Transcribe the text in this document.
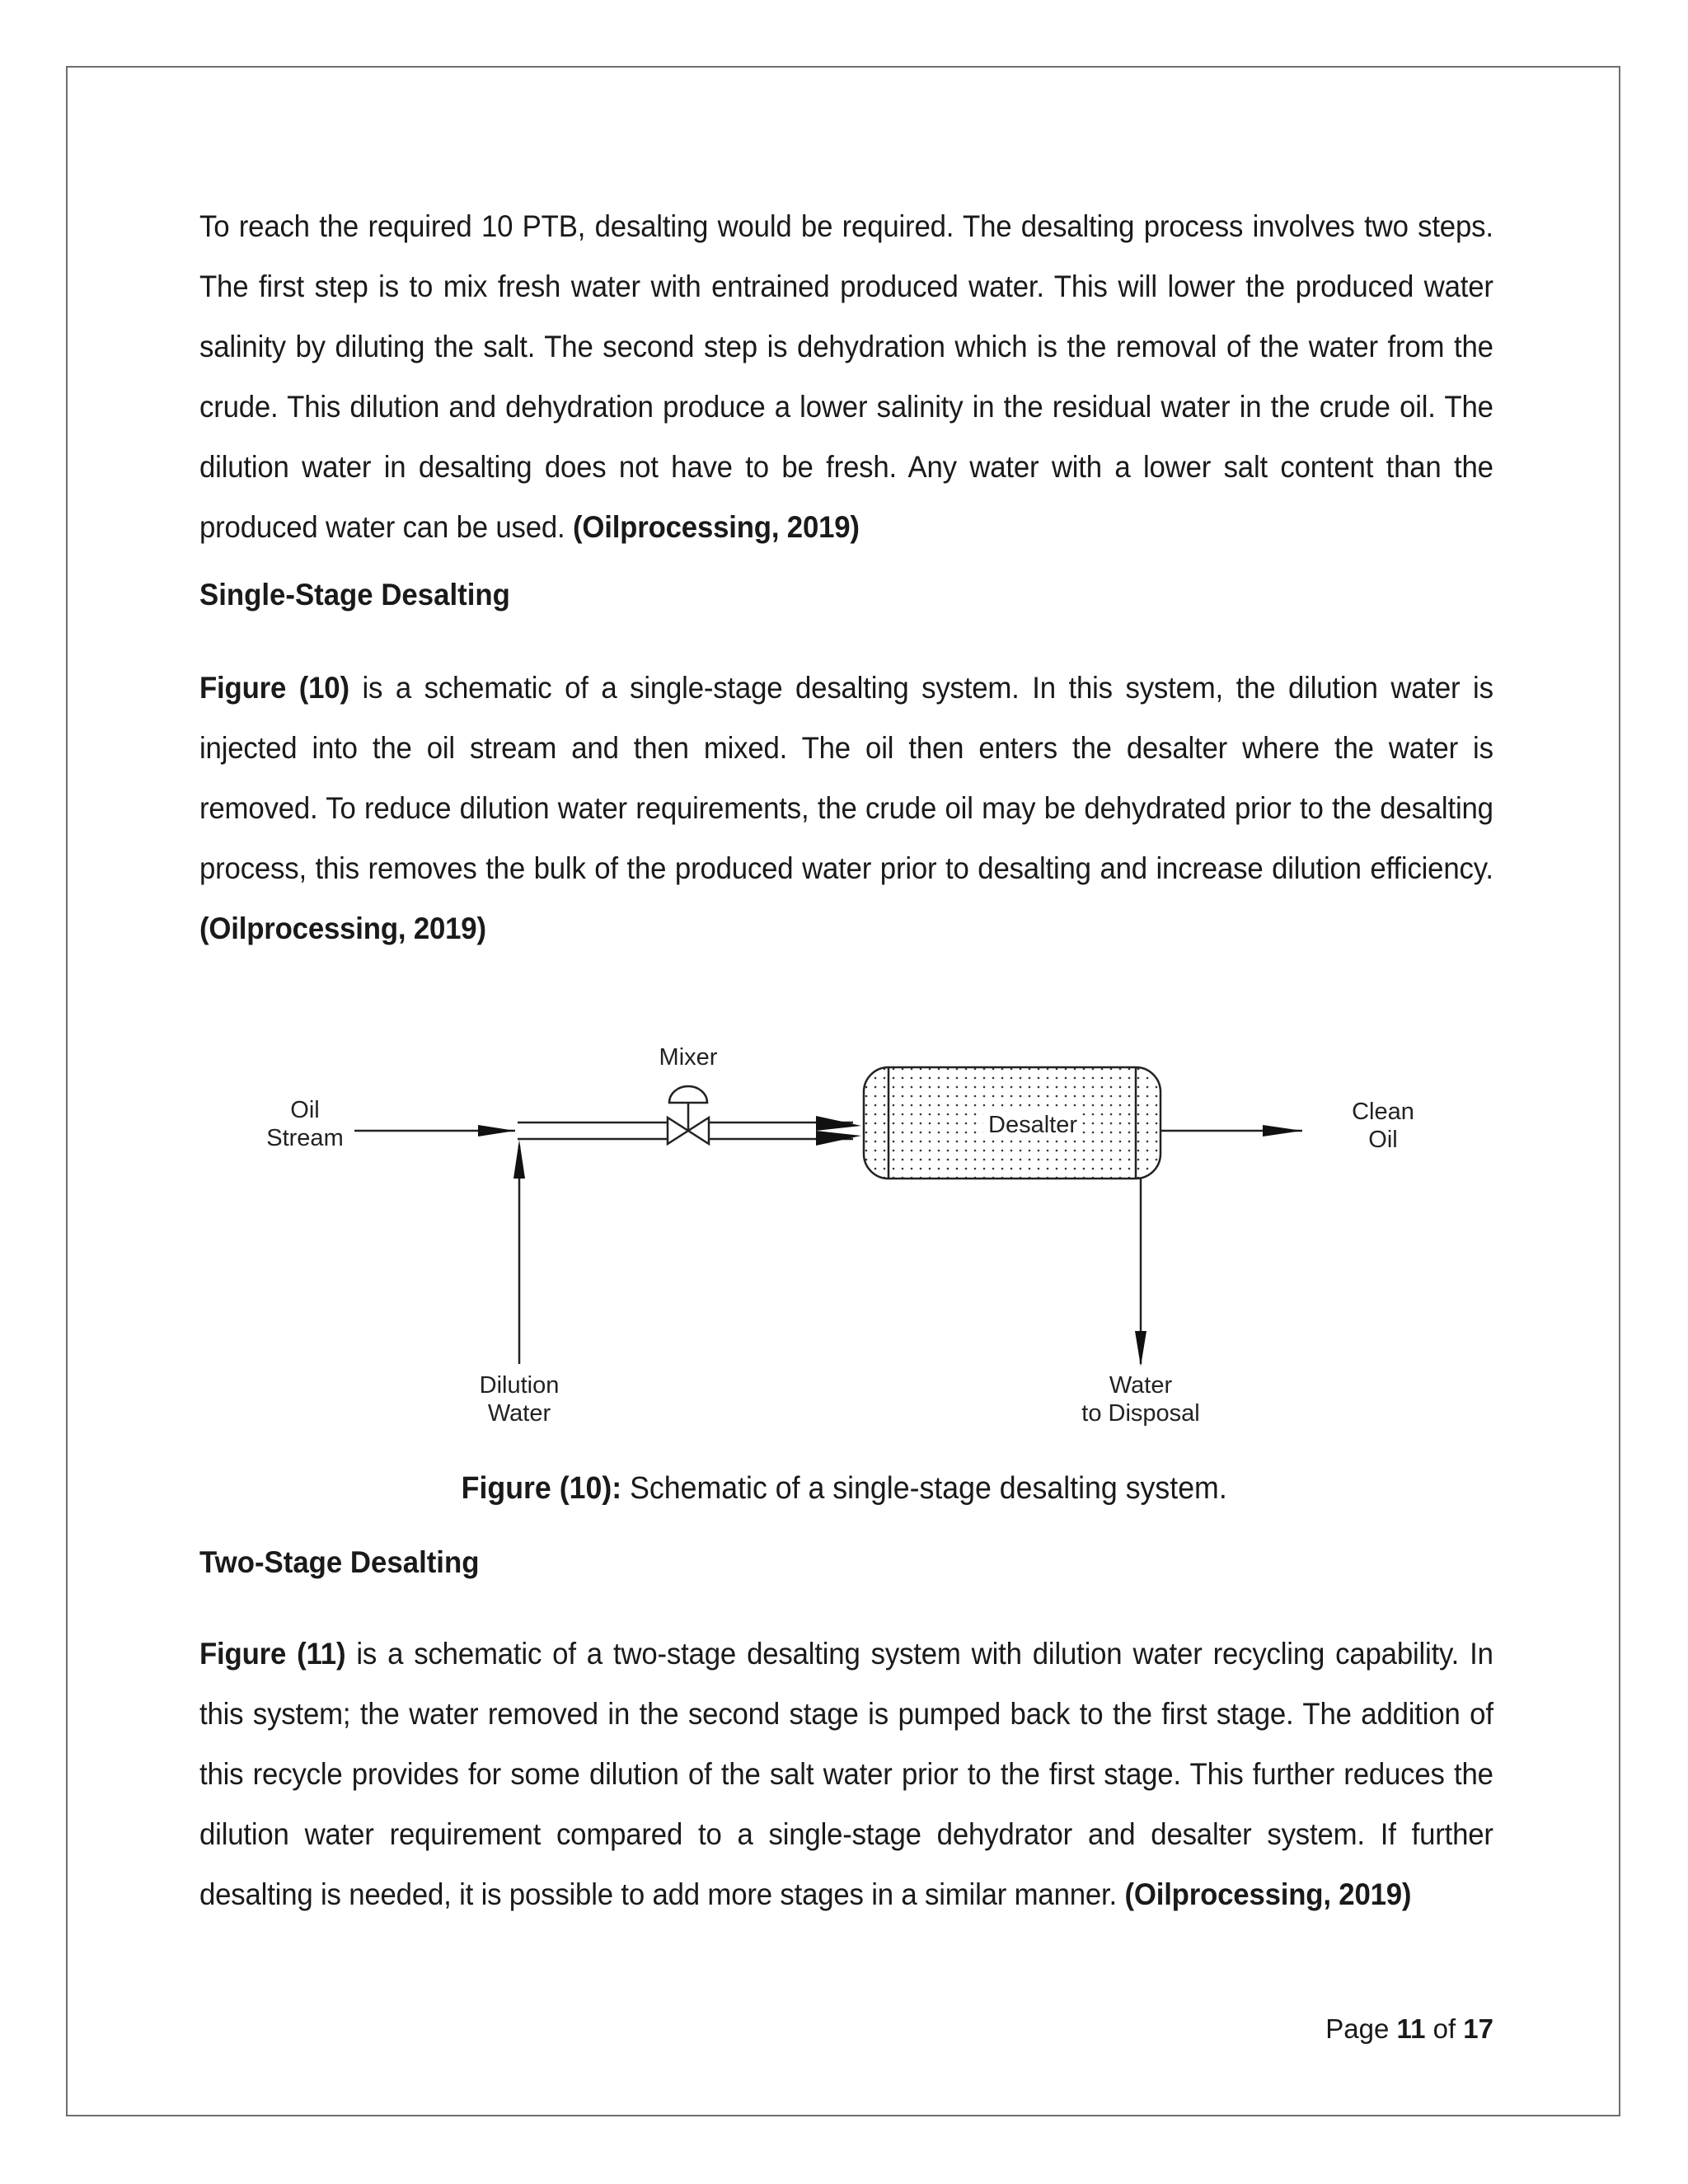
To reach the required 10 PTB, desalting would be required. The desalting process involves two steps. The first step is to mix fresh water with entrained produced water. This will lower the produced water salinity by diluting the salt. The second step is dehydration which is the removal of the water from the crude. This dilution and dehydration produce a lower salinity in the residual water in the crude oil. The dilution water in desalting does not have to be fresh. Any water with a lower salt content than the produced water can be used. (Oilprocessing, 2019)

Single-Stage Desalting

Figure (10) is a schematic of a single-stage desalting system. In this system, the dilution water is injected into the oil stream and then mixed. The oil then enters the desalter where the water is removed. To reduce dilution water requirements, the crude oil may be dehydrated prior to the desalting process, this removes the bulk of the produced water prior to desalting and increase dilution efficiency. (Oilprocessing, 2019)

Two-Stage Desalting

Figure (11) is a schematic of a two-stage desalting system with dilution water recycling capability. In this system; the water removed in the second stage is pumped back to the first stage. The addition of this recycle provides for some dilution of the salt water prior to the first stage. This further reduces the dilution water requirement compared to a single-stage dehydrator and desalter system. If further desalting is needed, it is possible to add more stages in a similar manner. (Oilprocessing, 2019)

Oil
Stream
Mixer
Dilution
Water
Desalter	Clean
Oil
Water
to Disposal
Figure (10): Schematic of a single-stage desalting system.
Page 11 of 17
